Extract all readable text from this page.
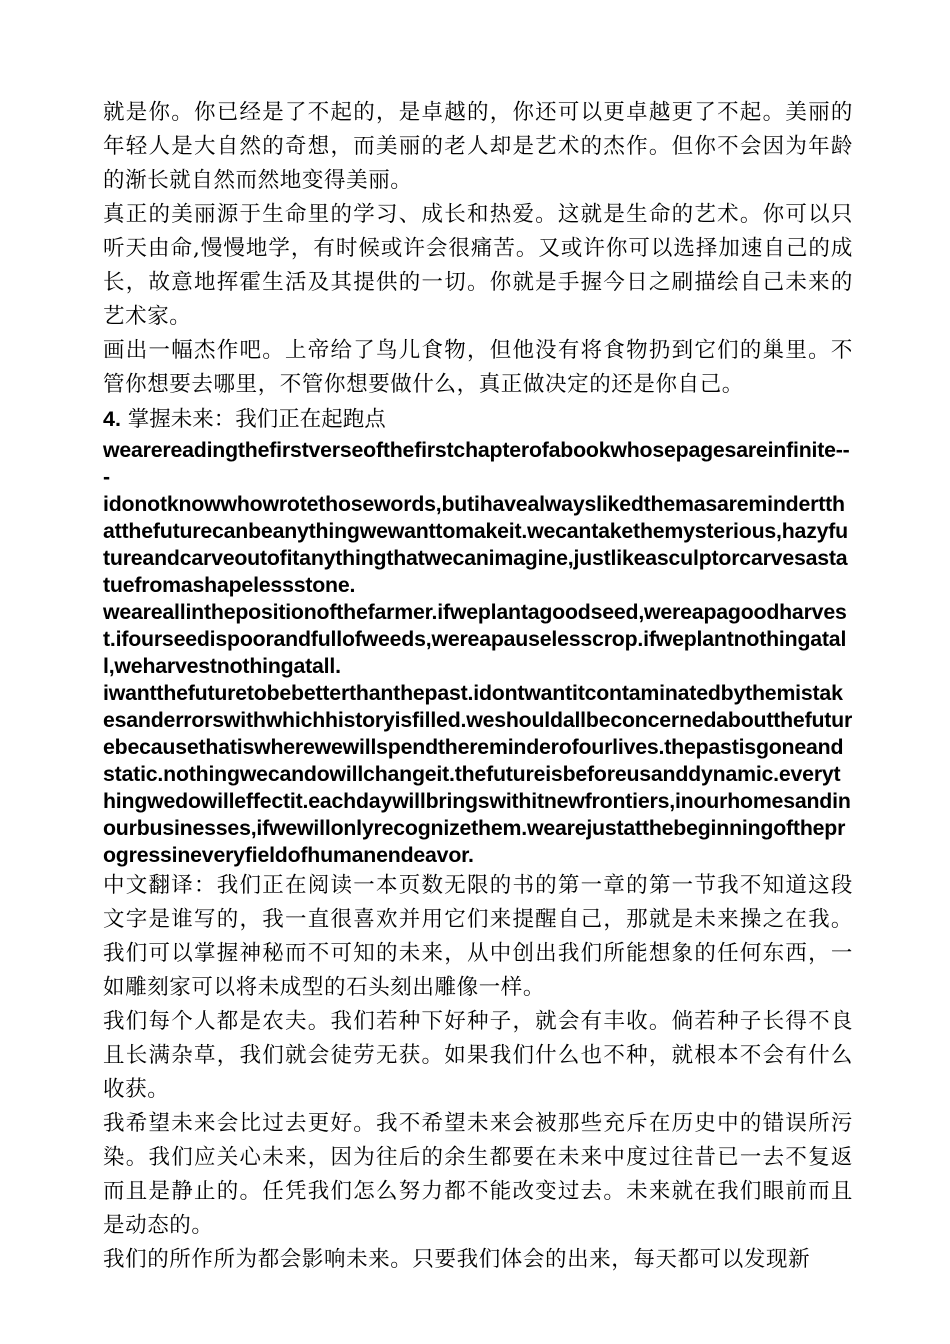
就是你。你已经是了不起的，是卓越的，你还可以更卓越更了不起。美丽的年轻人是大自然的奇想，而美丽的老人却是艺术的杰作。但你不会因为年龄的渐长就自然而然地变得美丽。

真正的美丽源于生命里的学习、成长和热爱。这就是生命的艺术。你可以只听天由命,慢慢地学，有时候或许会很痛苦。又或许你可以选择加速自己的成长，故意地挥霍生活及其提供的一切。你就是手握今日之刷描绘自己未来的艺术家。

画出一幅杰作吧。上帝给了鸟儿食物，但他没有将食物扔到它们的巢里。不管你想要去哪里，不管你想要做什么，真正做决定的还是你自己。

4. 掌握未来：我们正在起跑点

wearereadingthefirstverseofthefirstchapterofabookwhosepagesareinfinite---

idonotknowwhowrotethosewords,butihavealwayslikedthemasaremindertthatthefuturecanbeanythingwewanttomakeit.wecantakethemysterious,hazyfutureandcarveoutofitanythingthatwecanimagine,justlikeasculptorcarvesastatuefromashapelessstone.

weareallinthepositionofthefarmer.ifweplantagoodseed,wereapagoodharvest.ifourseedispoorandfullofweeds,wereapauselesscrop.ifweplantnothingatall,weharvestnothingatall.

iwantthefuturetobebetterthanthepast.idontwantitcontaminatedbythemistakesanderrorswithwhichhistoryisfilled.weshouldallbeconcernedaboutthefuturebecausethatiswherewewillspendthereminderofourlives.thepastisgoneandstatic.nothingwecandowillchangeit.thefutureisbeforeusanddynamic.everythingwedowilleffectit.eachdaywillbringswithitnewfrontiers,inourhomesandinourbusinesses,ifwewillonlyrecognizethem.wearejustatthebeginningoftheprogressineveryfieldofhumanendeavor.

中文翻译：我们正在阅读一本页数无限的书的第一章的第一节我不知道这段文字是谁写的，我一直很喜欢并用它们来提醒自己，那就是未来操之在我。我们可以掌握神秘而不可知的未来，从中创出我们所能想象的任何东西，一如雕刻家可以将未成型的石头刻出雕像一样。

我们每个人都是农夫。我们若种下好种子，就会有丰收。倘若种子长得不良且长满杂草，我们就会徒劳无获。如果我们什么也不种，就根本不会有什么收获。

我希望未来会比过去更好。我不希望未来会被那些充斥在历史中的错误所污染。我们应关心未来，因为往后的余生都要在未来中度过往昔已一去不复返而且是静止的。任凭我们怎么努力都不能改变过去。未来就在我们眼前而且是动态的。

我们的所作所为都会影响未来。只要我们体会的出来，每天都可以发现新
